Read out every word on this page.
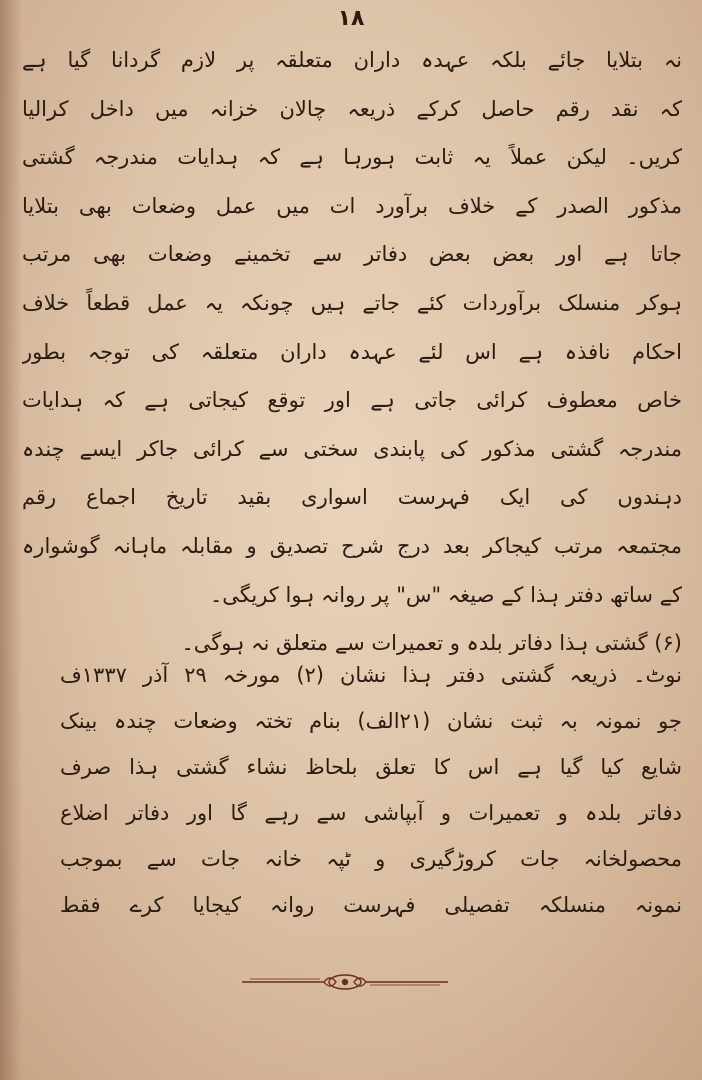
۱۸
نہ بتلایا جائے بلکہ عہدہ داران متعلقہ پر لازم گردانا گیا ہے
کہ نقد رقم حاصل کرکے ذریعہ چالان خزانہ میں داخل کرالیا
کریں۔ لیکن عملاً یہ ثابت ہورہا ہے کہ ہدایات مندرجہ گشتی
مذکور الصدر کے خلاف برآورد ات میں عمل وضعات بھی بتلایا
جاتا ہے اور بعض بعض دفاتر سے تخمینے وضعات بھی مرتب
ہوکر منسلک برآوردات کئے جاتے ہیں چونکہ یہ عمل قطعاً خلاف
احکام نافذہ ہے اس لئے عہدہ داران متعلقہ کی توجہ بطور
خاص معطوف کرائی جاتی ہے اور توقع کیجاتی ہے کہ ہدایات
مندرجہ گشتی مذکور کی پابندی سختی سے کرائی جاکر ایسے چندہ
دہندوں کی ایک فہرست اسواری بقید تاریخ اجماع رقم
مجتمعہ مرتب کیجاکر بعد درج شرح تصدیق و مقابلہ ماہانہ گوشوارہ
کے ساتھ دفتر ہذا کے صیغہ "س" پر روانہ ہوا کریگی۔
(۶) گشتی ہذا دفاتر بلدہ و تعمیرات سے متعلق نہ ہوگی۔
نوٹ۔ ذریعہ گشتی دفتر ہذا نشان (۲) مورخہ ۲۹ آذر ۱۳۳۷ف
جو نمونہ بہ ثبت نشان (۲۱الف) بنام تختہ وضعات چندہ بینک
شایع کیا گیا ہے اس کا تعلق بلحاظ نشاء گشتی ہذا صرف
دفاتر بلدہ و تعمیرات و آبپاشی سے رہے گا اور دفاتر اضلاع
محصولخانہ جات کروڑگیری و ٹپہ خانہ جات سے بموجب
نمونہ منسلکہ تفصیلی فہرست روانہ کیجایا کرے فقط
